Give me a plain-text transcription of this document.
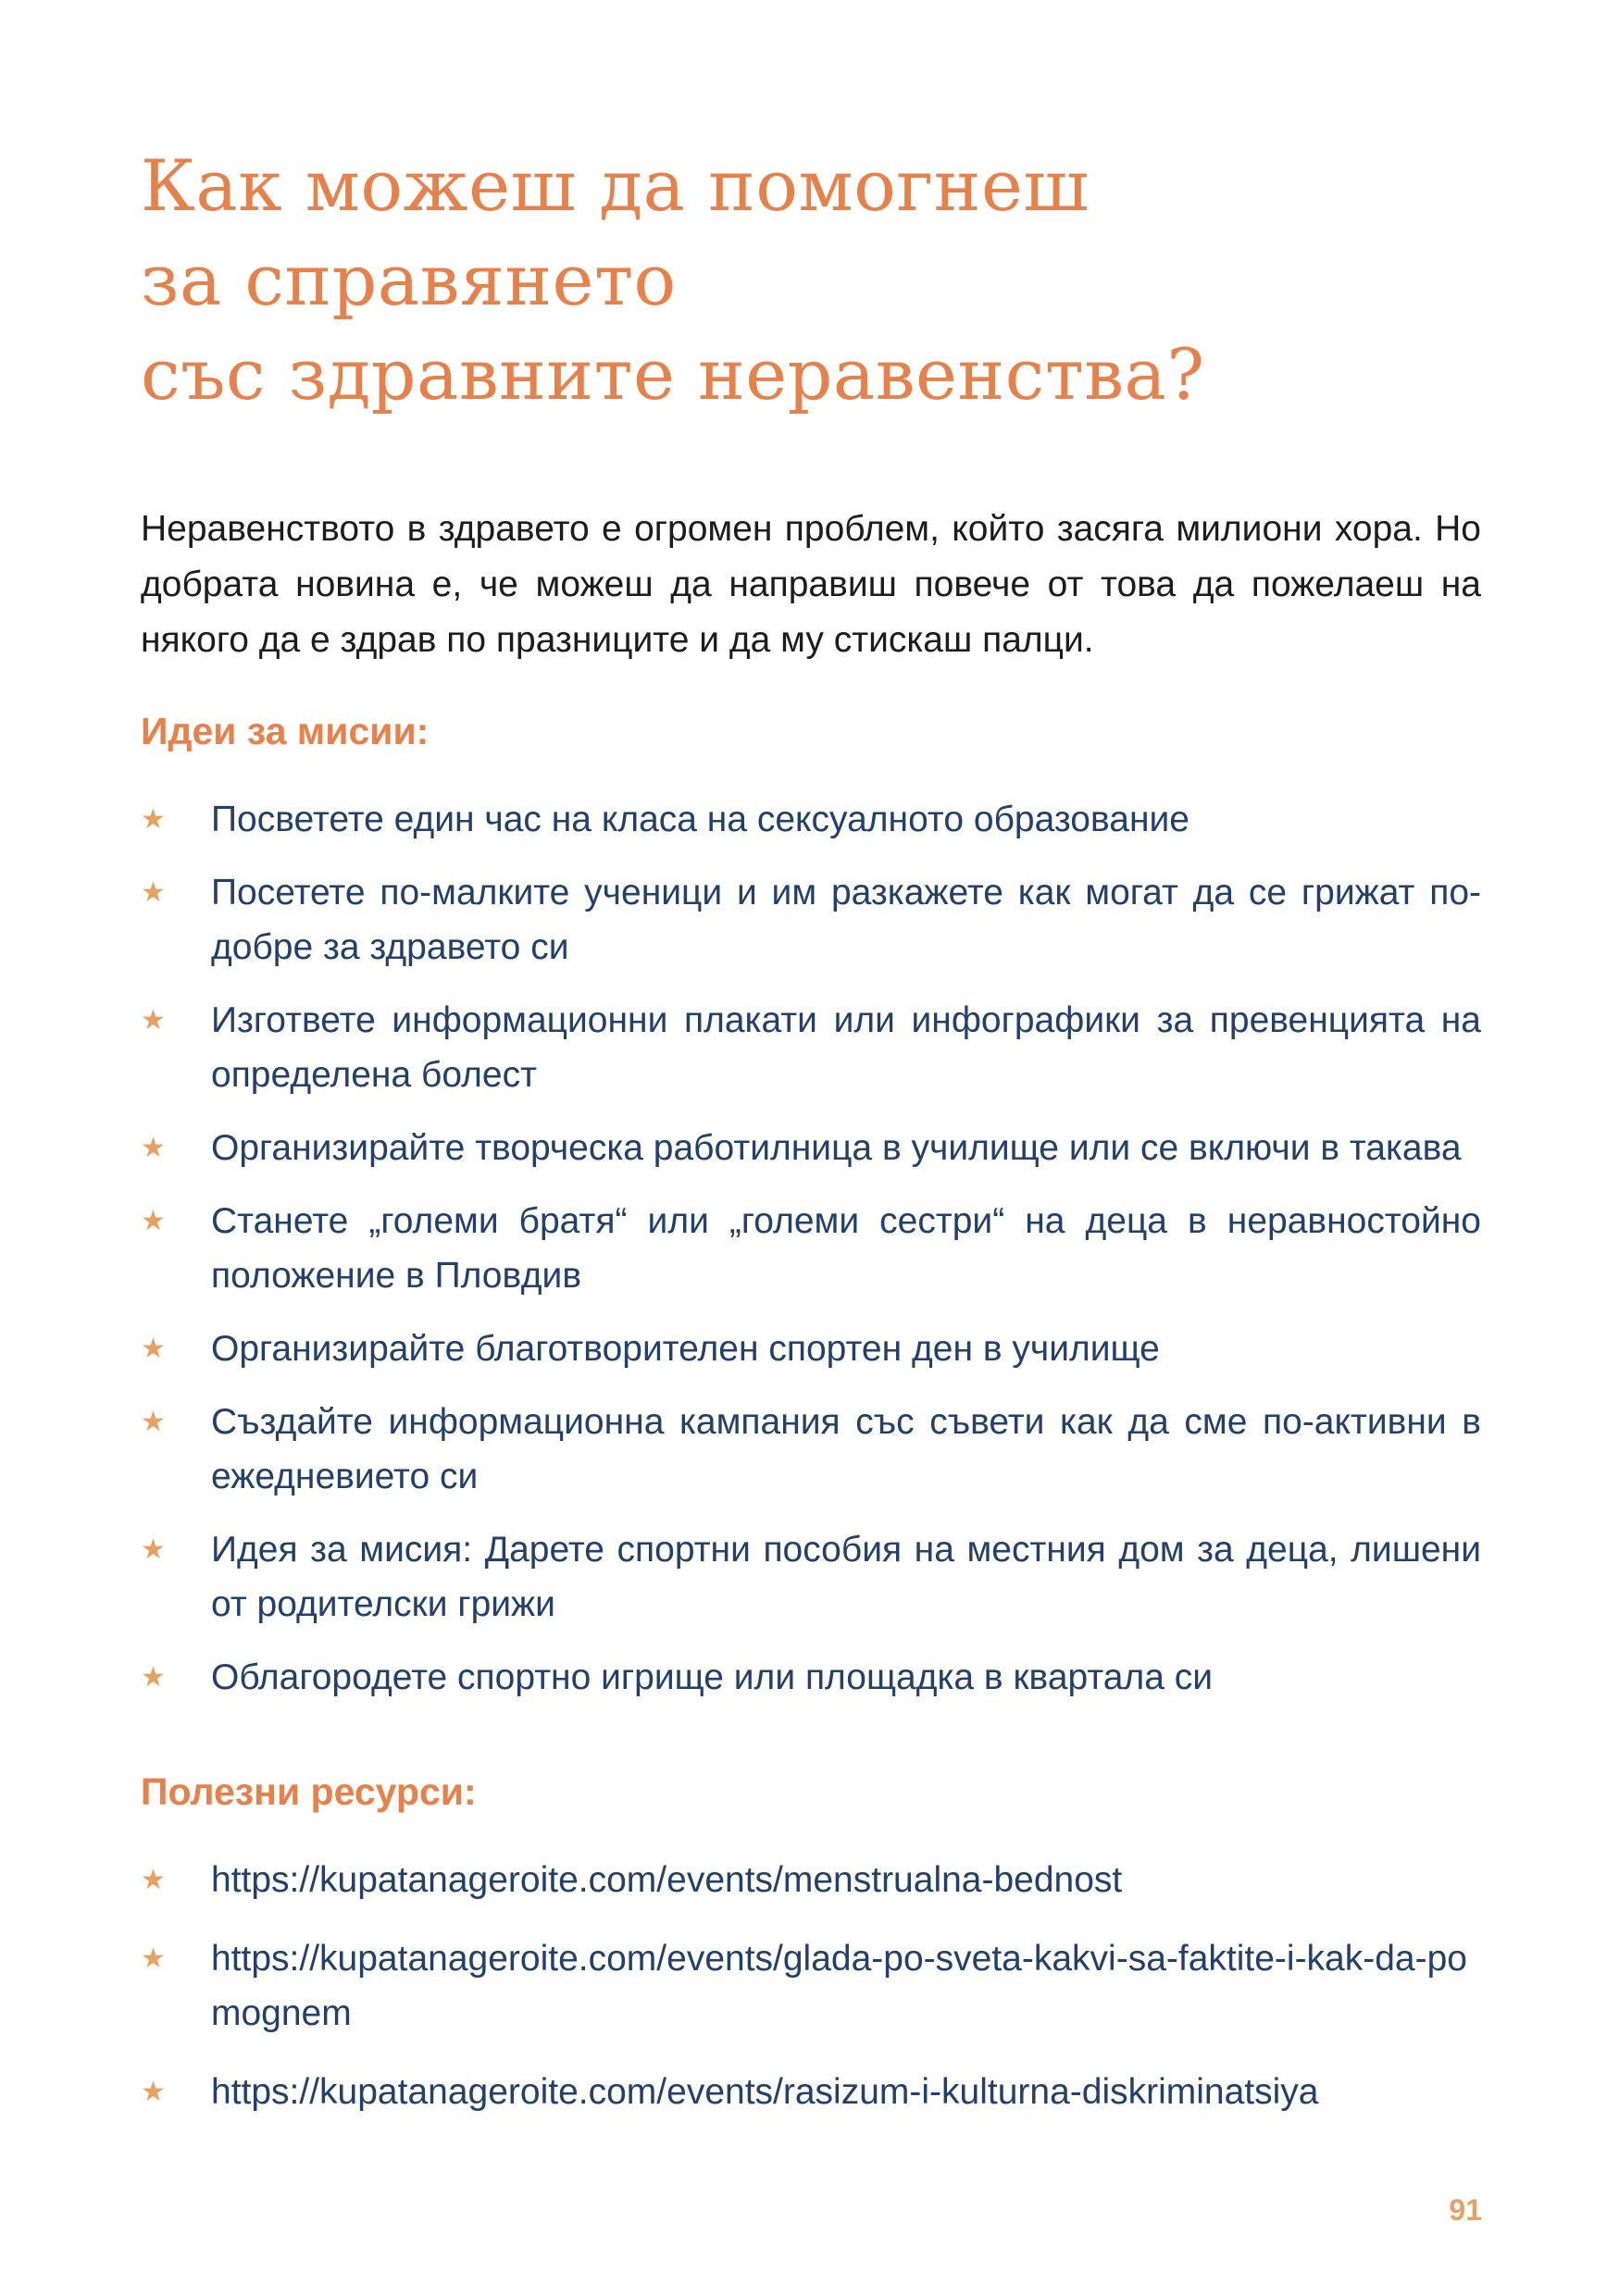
Как можеш да помогнеш
за справянето
със здравните неравенства?

Неравенството в здравето е огромен проблем, който засяга милиони хора. Но добрата новина е, че можеш да направиш повече от това да пожелаеш на някого да е здрав по празниците и да му стискаш палци.

Идеи за мисии:
★ Посветете един час на класа на сексуалното образование
★ Посетете по-малките ученици и им разкажете как могат да се грижат по-добре за здравето си
★ Изгответе информационни плакати или инфографики за превенцията на определена болест
★ Организирайте творческа работилница в училище или се включи в такава
★ Станете „големи братя“ или „големи сестри“ на деца в неравностойно положение в Пловдив
★ Организирайте благотворителен спортен ден в училище
★ Създайте информационна кампания със съвети как да сме по-активни в ежедневието си
★ Идея за мисия: Дарете спортни пособия на местния дом за деца, лишени от родителски грижи
★ Облагородете спортно игрище или площадка в квартала си
Полезни ресурси:
★ https://kupatanageroite.com/events/menstrualna-bednost
★ https://kupatanageroite.com/events/glada-po-sveta-kakvi-sa-faktite-i-kak-da-pomognem
★ https://kupatanageroite.com/events/rasizum-i-kulturna-diskriminatsiya
91
